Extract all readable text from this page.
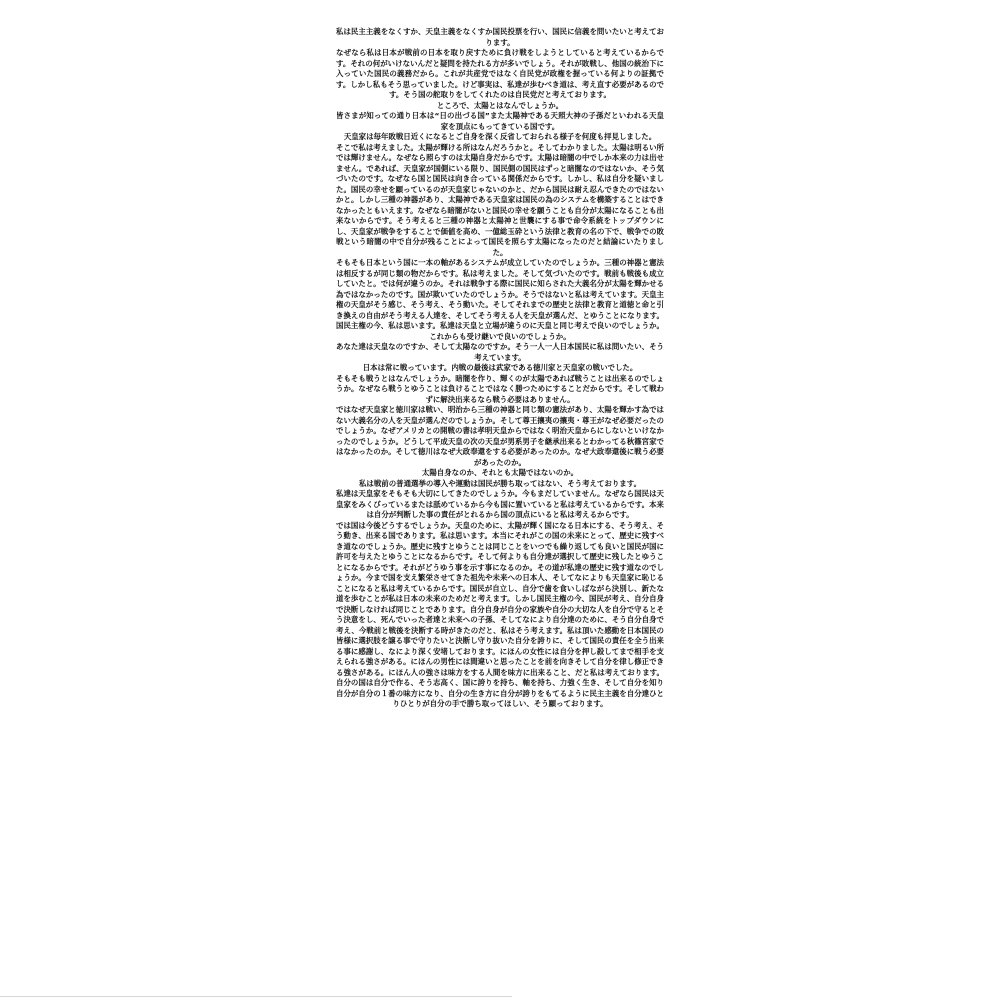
私は民主主義をなくすか、天皇主義をなくすか国民投票を行い、国民に信義を問いたいと考えております。

なぜなら私は日本が戦前の日本を取り戻すために負け戦をしようとしていると考えているからです。それの何がいけないんだと疑問を持たれる方が多いでしょう。それが敗戦し、他国の統治下に入っていた国民の義務だから。これが共産党ではなく自民党が政権を握っている何よりの証拠です。しかし私もそう思っていました。けど事実は、私達が歩むべき道は、考え直す必要があるのです。そう国の舵取りをしてくれたのは自民党だと考えております。

ところで、太陽とはなんでしょうか。

皆さまが知っての通り日本は“日の出づる国”また太陽神である天照大神の子孫だといわれる天皇家を頂点にもってきている国です。

天皇家は毎年敗戦日近くになるとご自身を深く反省しておられる様子を何度も拝見しました。

そこで私は考えました。太陽が輝ける所はなんだろうかと。そしてわかりました。太陽は明るい所では輝けません。なぜなら照らすのは太陽自身だからです。太陽は暗闇の中でしか本来の力は出せません。であれば、天皇家が国側にいる限り、国民側の国民はずっと暗闇なのではないか、そう気づいたのです。なぜなら国と国民は向き合っている関係だからです。しかし、私は自分を疑いました。国民の幸せを願っているのが天皇家じゃないのかと、だから国民は耐え忍んできたのではないかと。しかし三種の神器があり、太陽神である天皇家は国民の為のシステムを構築することはできなかったともいえます。なぜなら暗闇がないと国民の幸せを願うことも自分が太陽になることも出来ないからです。そう考えると三種の神器と太陽神と世襲にする事で命令系統をトップダウンにし、天皇家が戦争をすることで価値を高め、一億総玉砕という法律と教育の名の下で、戦争での敗戦という暗闇の中で自分が残ることによって国民を照らす太陽になったのだと結論にいたりました。

そもそも日本という国に一本の軸があるシステムが成立していたのでしょうか。三種の神器と憲法は相反するが同じ類の物だからです。私は考えました。そして気づいたのです。戦前も戦後も成立していたと。では何が違うのか。それは戦争する際に国民に知らされた大義名分が太陽を輝かせる為ではなかったのです。国が欺いていたのでしょうか。そうではないと私は考えています。天皇主権の天皇がそう感じ、そう考え、そう動いた。そしてそれまでの歴史と法律と教育と道徳と命と引き換えの自由がそう考える人達を、そしてそう考える人を天皇が選んだ、とゆうことになります。国民主権の今、私は思います。私達は天皇と立場が違うのに天皇と同じ考えで良いのでしょうか。これからも受け継いで良いのでしょうか。

あなた達は天皇なのですか、そして太陽なのですか。そう一人一人日本国民に私は問いたい、そう考えています。

日本は常に戦っています。内戦の最後は武家である徳川家と天皇家の戦いでした。

そもそも戦うとはなんでしょうか。暗闇を作り、輝くのが太陽であれば戦うことは出来るのでしょうか。なぜなら戦うとゆうことは負けることではなく勝つためにすることだからです。そして戦わずに解決出来るなら戦う必要はありません。

ではなぜ天皇家と徳川家は戦い、明治から三種の神器と同じ類の憲法があり、太陽を輝かす為ではない大義名分の人を天皇が選んだのでしょうか。そして尊王攘夷の攘夷・尊王がなぜ必要だったのでしょうか。なぜアメリカとの開戦の書は孝明天皇からではなく明治天皇からにしないといけなかったのでしょうか。どうして平成天皇の次の天皇が男系男子を継承出来るとわかってる秋篠宮家ではなかったのか。そして徳川はなぜ大政奉還をする必要があったのか。なぜ大政奉還後に戦う必要があったのか。

太陽自身なのか、それとも太陽ではないのか。

私は戦前の普通選挙の導入や運動は国民が勝ち取ってはない、そう考えております。

私達は天皇家をそもそも大切にしてきたのでしょうか。今もまだしていません。なぜなら国民は天皇家をみくびっているまたは舐めているから今も国に置いていると私は考えているからです。本来は自分が判断した事の責任がとれるから国の頂点にいると私は考えるからです。

では国は今後どうするでしょうか。天皇のために、太陽が輝く国になる日本にする、そう考え、そう動き、出来る国であります。私は思います。本当にそれがこの国の未来にとって、歴史に残すべき道なのでしょうか。歴史に残すとゆうことは同じことをいつでも繰り返しても良いと国民が国に許可を与えたとゆうことになるからです。そして何よりも自分達が選択して歴史に残したとゆうことになるからです。それがどうゆう事を示す事になるのか。その道が私達の歴史に残す道なのでしょうか。今まで国を支え繁栄させてきた祖先や未来への日本人、そしてなによりも天皇家に恥じることになると私は考えているからです。国民が自立し、自分で歯を食いしばながら決別し、新たな道を歩むことが私は日本の未来のためだと考えます。しかし国民主権の今、国民が考え、自分自身で決断しなければ同じことであります。自分自身が自分の家族や自分の大切な人を自分で守るとそう決意をし、死んでいった者達と未来への子孫、そしてなにより自分達のために、そう自分自身で考え、今戦前と戦後を決断する時がきたのだと、私はそう考えます。私は頂いた感動を日本国民の皆様に選択肢を譲る事で守りたいと決断し守り抜いた自分を誇りに、そして国民の責任を全う出来る事に感謝し、なにより深く安堵しております。にほんの女性には自分を押し殺してまで相手を支えられる強さがある。にほんの男性には間違いと思ったことを前を向きそして自分を律し修正できる強さがある。にほん人の強さは味方をする人間を味方に出来ること、だと私は考えております。自分の国は自分で作る、そう志高く、国に誇りを持ち、軸を持ち、力強く生き、そして自分を知り自分が自分の１番の味方になり、自分の生き方に自分が誇りをもてるように民主主義を自分達ひとりひとりが自分の手で勝ち取ってほしい、そう願っております。
